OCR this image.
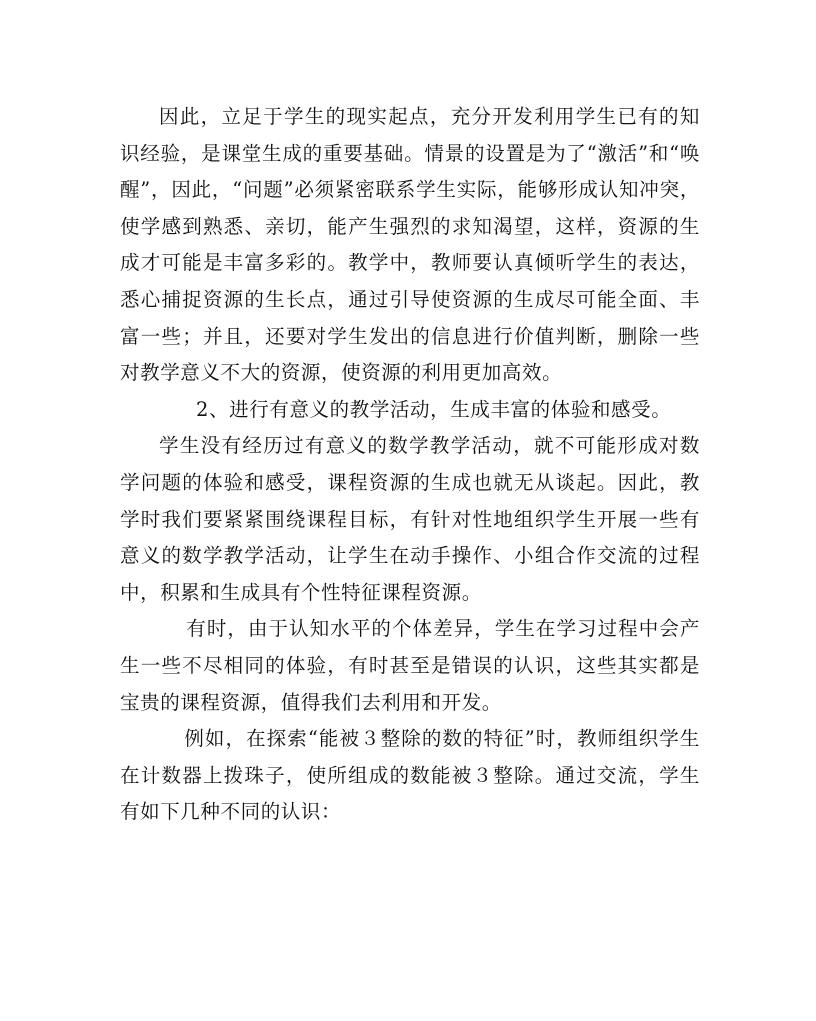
因此，立足于学生的现实起点，充分开发利用学生已有的知识经验，是课堂生成的重要基础。情景的设置是为了“激活”和“唤醒”，因此，“问题”必须紧密联系学生实际，能够形成认知冲突，使学感到熟悉、亲切，能产生强烈的求知渴望，这样，资源的生成才可能是丰富多彩的。教学中，教师要认真倾听学生的表达，悉心捕捉资源的生长点，通过引导使资源的生成尽可能全面、丰富一些；并且，还要对学生发出的信息进行价值判断，删除一些对教学意义不大的资源，使资源的利用更加高效。

2、进行有意义的教学活动，生成丰富的体验和感受。

学生没有经历过有意义的数学教学活动，就不可能形成对数学问题的体验和感受，课程资源的生成也就无从谈起。因此，教学时我们要紧紧围绕课程目标，有针对性地组织学生开展一些有意义的数学教学活动，让学生在动手操作、小组合作交流的过程中，积累和生成具有个性特征课程资源。

有时，由于认知水平的个体差异，学生在学习过程中会产生一些不尽相同的体验，有时甚至是错误的认识，这些其实都是宝贵的课程资源，值得我们去利用和开发。

例如，在探索“能被３整除的数的特征”时，教师组织学生在计数器上拨珠子，使所组成的数能被３整除。通过交流，学生有如下几种不同的认识：
